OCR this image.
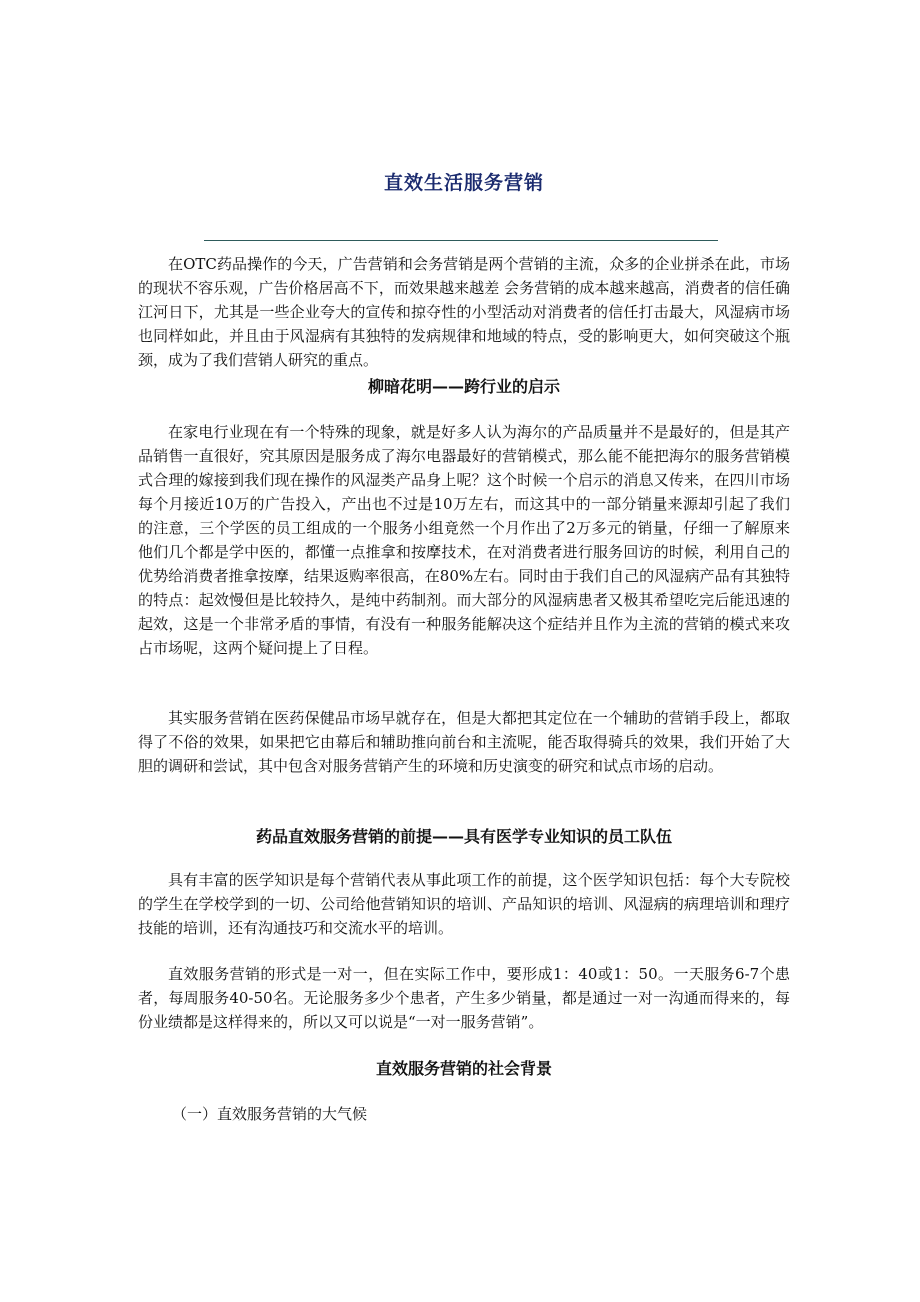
直效生活服务营销

在OTC药品操作的今天，广告营销和会务营销是两个营销的主流，众多的企业拼杀在此，市场的现状不容乐观，广告价格居高不下，而效果越来越差 会务营销的成本越来越高，消费者的信任确江河日下，尤其是一些企业夸大的宣传和掠夺性的小型活动对消费者的信任打击最大，风湿病市场也同样如此，并且由于风湿病有其独特的发病规律和地域的特点，受的影响更大，如何突破这个瓶颈，成为了我们营销人研究的重点。

柳暗花明——跨行业的启示

在家电行业现在有一个特殊的现象，就是好多人认为海尔的产品质量并不是最好的，但是其产品销售一直很好，究其原因是服务成了海尔电器最好的营销模式，那么能不能把海尔的服务营销模式合理的嫁接到我们现在操作的风湿类产品身上呢？这个时候一个启示的消息又传来，在四川市场每个月接近10万的广告投入，产出也不过是10万左右，而这其中的一部分销量来源却引起了我们的注意，三个学医的员工组成的一个服务小组竟然一个月作出了2万多元的销量，仔细一了解原来他们几个都是学中医的，都懂一点推拿和按摩技术，在对消费者进行服务回访的时候，利用自己的优势给消费者推拿按摩，结果返购率很高，在80%左右。同时由于我们自己的风湿病产品有其独特的特点：起效慢但是比较持久，是纯中药制剂。而大部分的风湿病患者又极其希望吃完后能迅速的起效，这是一个非常矛盾的事情，有没有一种服务能解决这个症结并且作为主流的营销的模式来攻占市场呢，这两个疑问提上了日程。

其实服务营销在医药保健品市场早就存在，但是大都把其定位在一个辅助的营销手段上，都取得了不俗的效果，如果把它由幕后和辅助推向前台和主流呢，能否取得骑兵的效果，我们开始了大胆的调研和尝试，其中包含对服务营销产生的环境和历史演变的研究和试点市场的启动。

药品直效服务营销的前提——具有医学专业知识的员工队伍

具有丰富的医学知识是每个营销代表从事此项工作的前提，这个医学知识包括：每个大专院校的学生在学校学到的一切、公司给他营销知识的培训、产品知识的培训、风湿病的病理培训和理疗技能的培训，还有沟通技巧和交流水平的培训。

直效服务营销的形式是一对一，但在实际工作中，要形成1：40或1：50。一天服务6-7个患者，每周服务40-50名。无论服务多少个患者，产生多少销量，都是通过一对一沟通而得来的，每份业绩都是这样得来的，所以又可以说是“一对一服务营销”。

直效服务营销的社会背景

（一）直效服务营销的大气候
